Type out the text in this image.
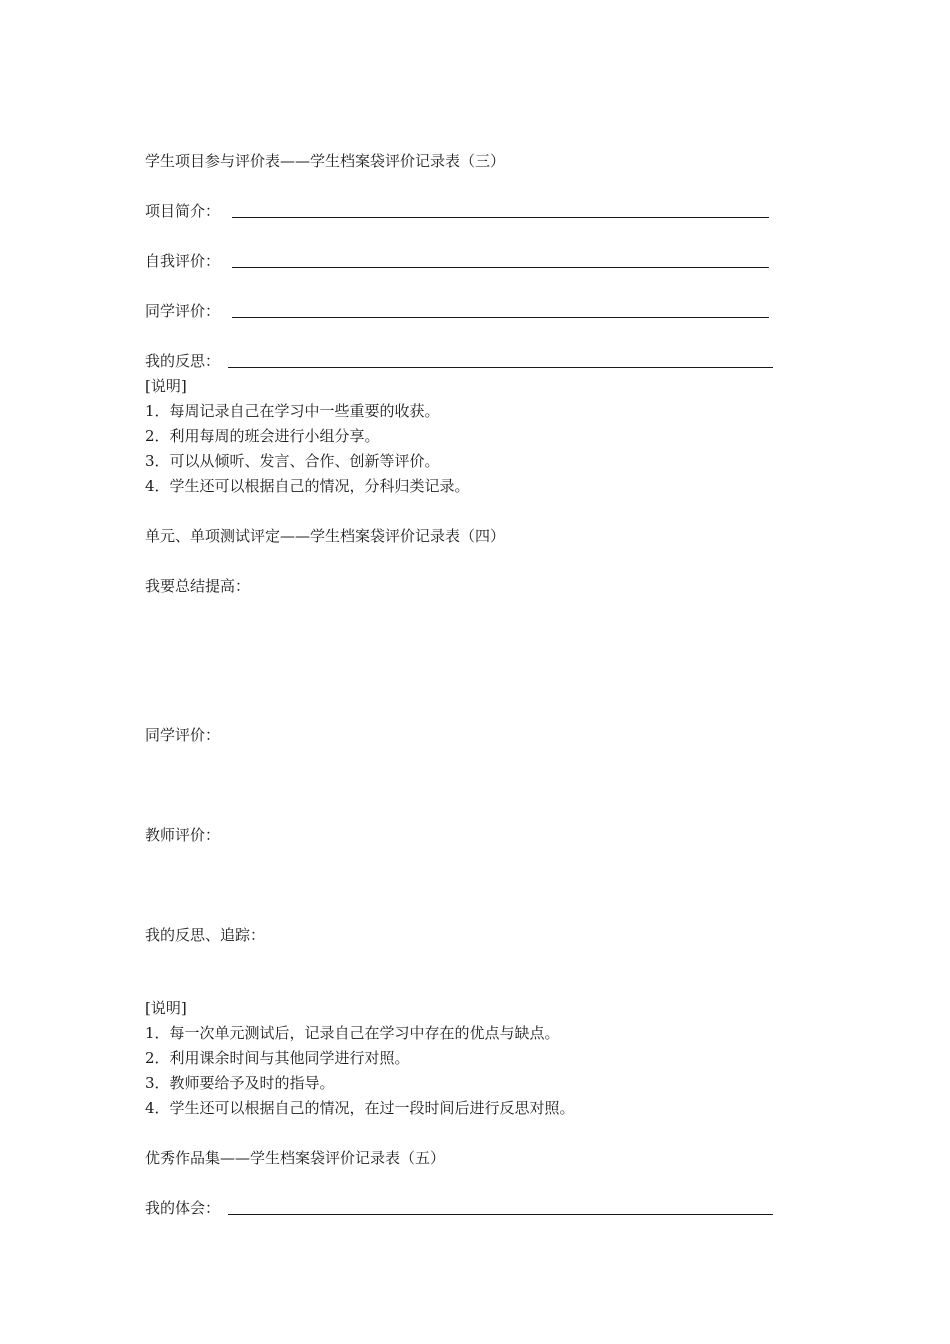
学生项目参与评价表——学生档案袋评价记录表（三）
项目简介：
自我评价：
同学评价：
我的反思：
[说明]
1．每周记录自己在学习中一些重要的收获。
2．利用每周的班会进行小组分享。
3．可以从倾听、发言、合作、创新等评价。
4．学生还可以根据自己的情况，分科归类记录。
单元、单项测试评定——学生档案袋评价记录表（四）
我要总结提高：
同学评价：
教师评价：
我的反思、追踪：
[说明]
1．每一次单元测试后，记录自己在学习中存在的优点与缺点。
2．利用课余时间与其他同学进行对照。
3．教师要给予及时的指导。
4．学生还可以根据自己的情况，在过一段时间后进行反思对照。
优秀作品集——学生档案袋评价记录表（五）
我的体会：
